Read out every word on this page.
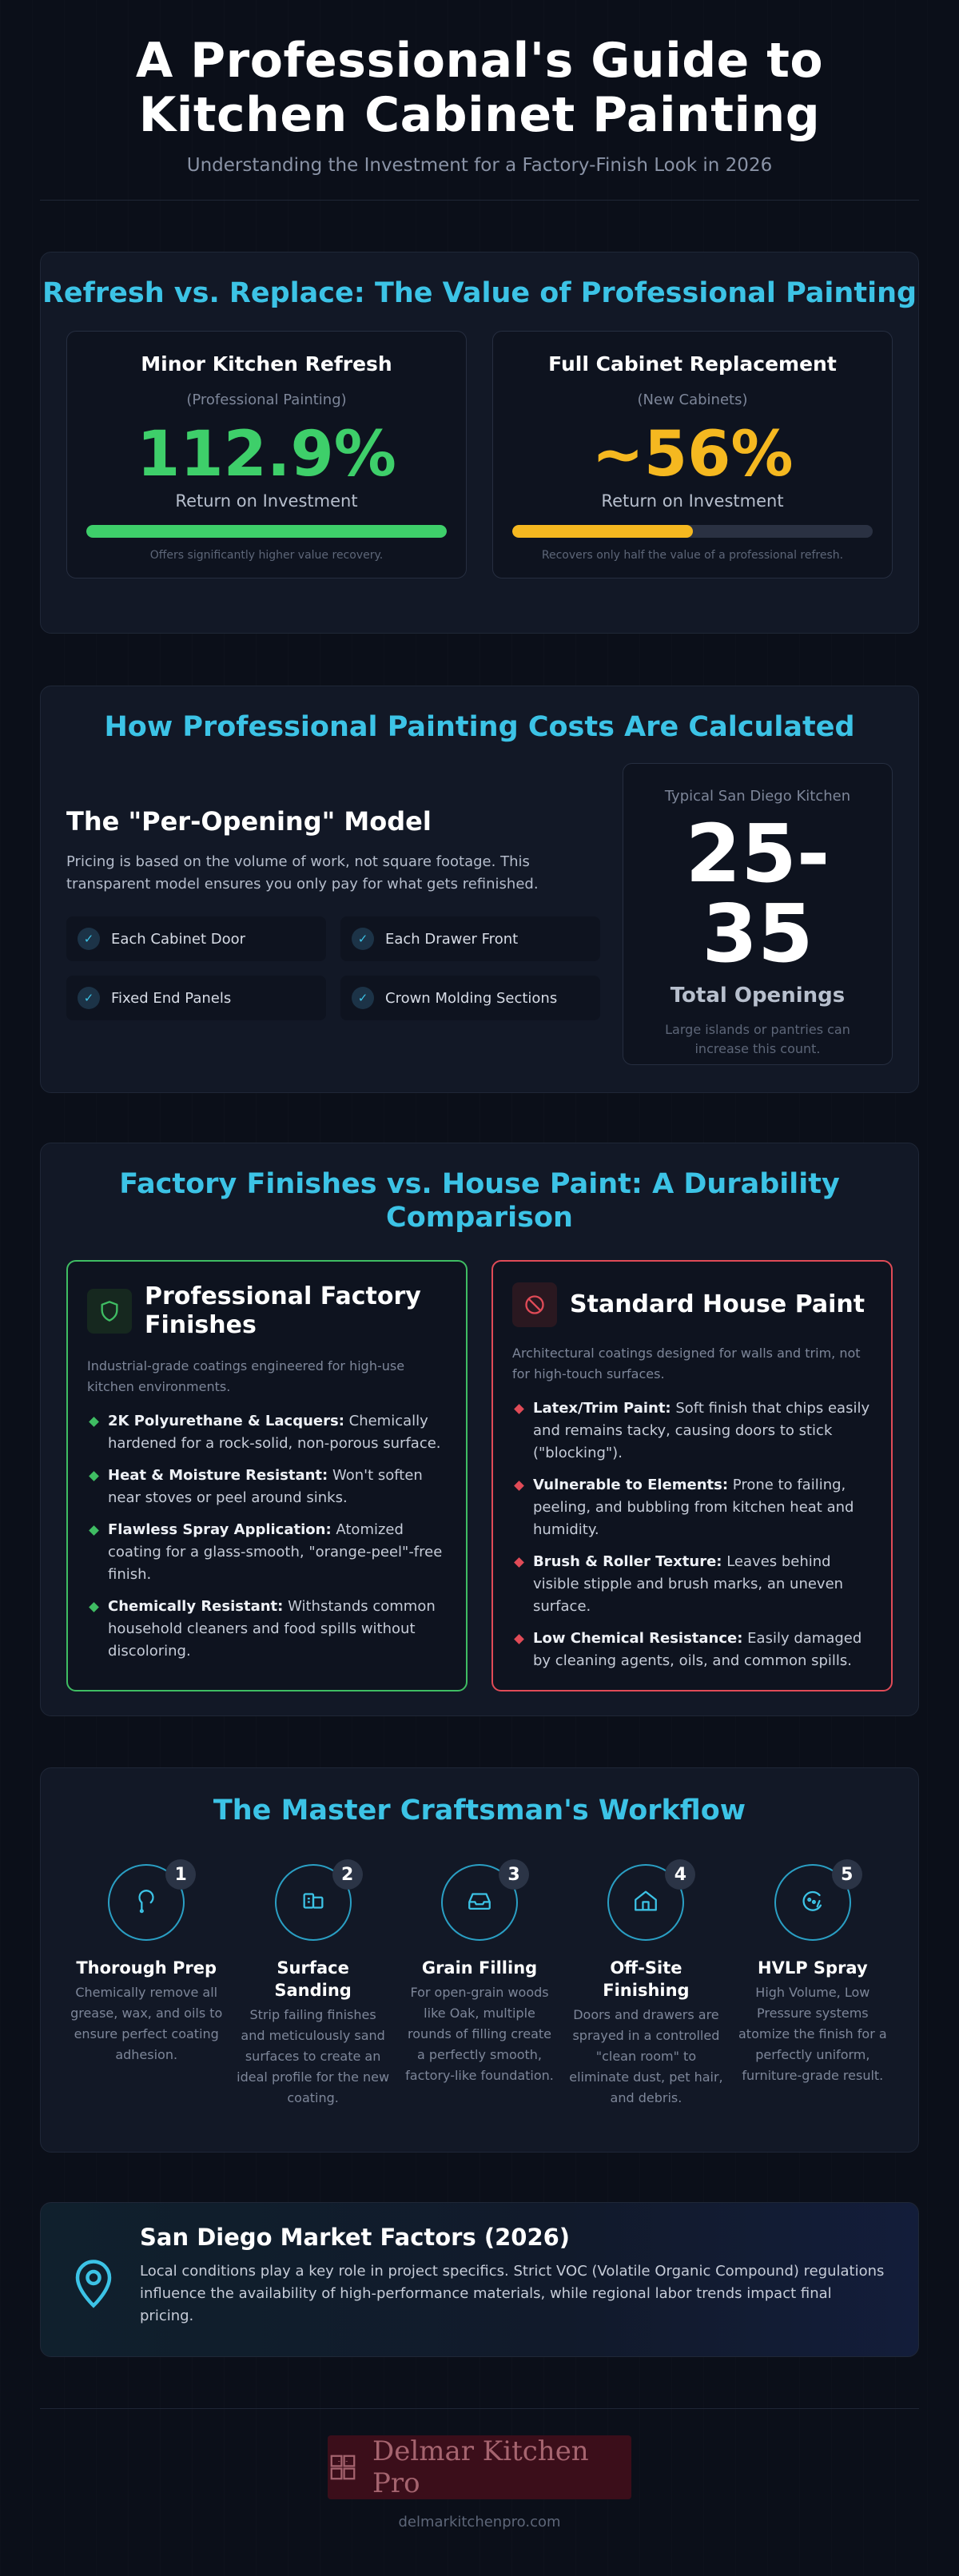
A Professional's Guide to
Kitchen Cabinet Painting
Understanding the Investment for a Factory-Finish Look in 2026
Refresh vs. Replace: The Value of Professional Painting
Minor Kitchen Refresh
(Professional Painting)
112.9%
Return on Investment
Offers significantly higher value recovery.
Full Cabinet Replacement
(New Cabinets)
~56%
Return on Investment
Recovers only half the value of a professional refresh.
How Professional Painting Costs Are Calculated
The "Per-Opening" Model

Pricing is based on the volume of work, not square footage. This transparent model ensures you only pay for what gets refinished.

✓	Each Cabinet Door	✓	Each Drawer Front
✓	Fixed End Panels	✓	Crown Molding Sections
Typical San Diego Kitchen
25-
35
Total Openings
Large islands or pantries can increase this count.
Factory Finishes vs. House Paint: A Durability Comparison
Professional Factory Finishes
Industrial-grade coatings engineered for high-use kitchen environments.
2K Polyurethane & Lacquers: Chemically hardened for a rock-solid, non-porous surface.
Heat & Moisture Resistant: Won't soften near stoves or peel around sinks.
Flawless Spray Application: Atomized coating for a glass-smooth, "orange-peel"-free finish.
Chemically Resistant: Withstands common household cleaners and food spills without discoloring.
Standard House Paint
Architectural coatings designed for walls and trim, not for high-touch surfaces.
Latex/Trim Paint: Soft finish that chips easily and remains tacky, causing doors to stick ("blocking").
Vulnerable to Elements: Prone to failing, peeling, and bubbling from kitchen heat and humidity.
Brush & Roller Texture: Leaves behind visible stipple and brush marks, an uneven surface.
Low Chemical Resistance: Easily damaged by cleaning agents, oils, and common spills.
The Master Craftsman's Workflow
1
Thorough Prep
Chemically remove all grease, wax, and oils to ensure perfect coating adhesion.
2
Surface Sanding
Strip failing finishes and meticulously sand surfaces to create an ideal profile for the new coating.
3
Grain Filling
For open-grain woods like Oak, multiple rounds of filling create a perfectly smooth, factory-like foundation.
4
Off-Site Finishing
Doors and drawers are sprayed in a controlled "clean room" to eliminate dust, pet hair, and debris.
5
HVLP Spray
High Volume, Low Pressure systems atomize the finish for a perfectly uniform, furniture-grade result.
San Diego Market Factors (2026)

Local conditions play a key role in project specifics. Strict VOC (Volatile Organic Compound) regulations influence the availability of high-performance materials, while regional labor trends impact final pricing.

Delmar Kitchen Pro
delmarkitchenpro.com
